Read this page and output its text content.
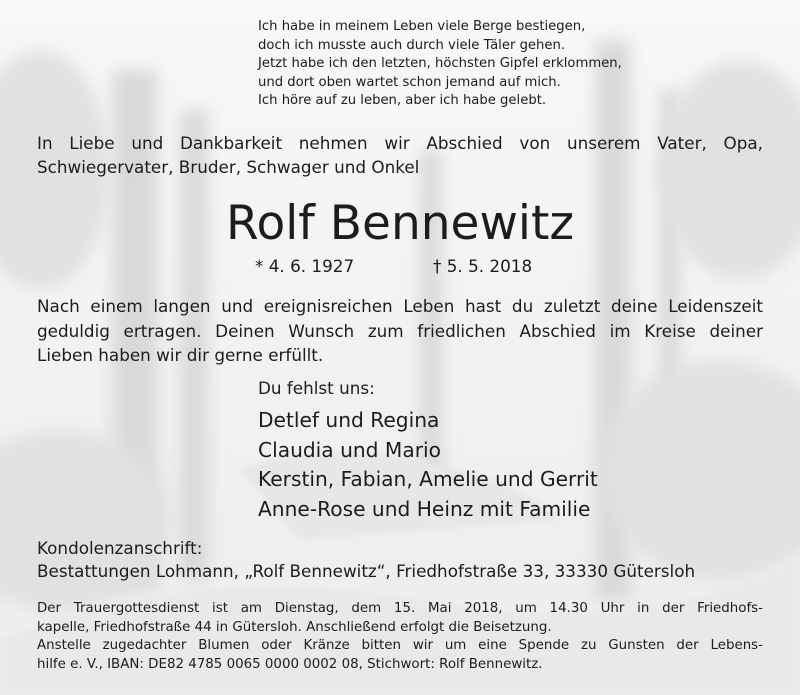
Ich habe in meinem Leben viele Berge bestiegen,
doch ich musste auch durch viele Täler gehen.
Jetzt habe ich den letzten, höchsten Gipfel erklommen,
und dort oben wartet schon jemand auf mich.
Ich höre auf zu leben, aber ich habe gelebt.
In Liebe und Dankbarkeit nehmen wir Abschied von unserem Vater, Opa,
Schwiegervater, Bruder, Schwager und Onkel
Rolf Bennewitz
* 4. 6. 1927	† 5. 5. 2018
Nach einem langen und ereignisreichen Leben hast du zuletzt deine Leidenszeit
geduldig ertragen. Deinen Wunsch zum friedlichen Abschied im Kreise deiner
Lieben haben wir dir gerne erfüllt.
Du fehlst uns:
Detlef und Regina
Claudia und Mario
Kerstin, Fabian, Amelie und Gerrit
Anne-Rose und Heinz mit Familie
Kondolenzanschrift:
Bestattungen Lohmann, „Rolf Bennewitz“, Friedhofstraße 33, 33330 Gütersloh
Der Trauergottesdienst ist am Dienstag, dem 15. Mai 2018, um 14.30 Uhr in der Friedhofs-
kapelle, Friedhofstraße 44 in Gütersloh. Anschließend erfolgt die Beisetzung.
Anstelle zugedachter Blumen oder Kränze bitten wir um eine Spende zu Gunsten der Lebens-
hilfe e. V., IBAN: DE82 4785 0065 0000 0002 08, Stichwort: Rolf Bennewitz.
